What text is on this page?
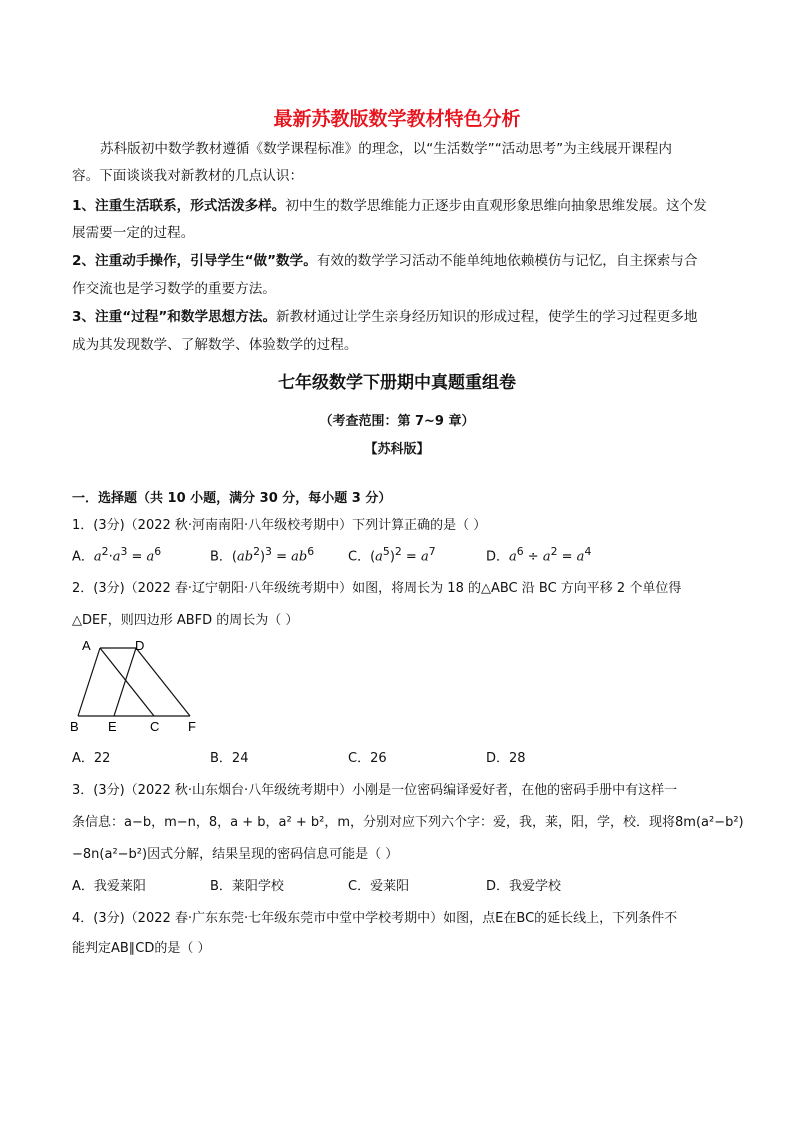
最新苏教版数学教材特色分析
苏科版初中数学教材遵循《数学课程标准》的理念，以“生活数学”“活动思考”为主线展开课程内
容。下面谈谈我对新教材的几点认识：
1、注重生活联系，形式活泼多样。初中生的数学思维能力正逐步由直观形象思维向抽象思维发展。这个发
展需要一定的过程。
2、注重动手操作，引导学生“做”数学。有效的数学学习活动不能单纯地依赖模仿与记忆，自主探索与合
作交流也是学习数学的重要方法。
3、注重“过程”和数学思想方法。新教材通过让学生亲身经历知识的形成过程，使学生的学习过程更多地
成为其发现数学、了解数学、体验数学的过程。
七年级数学下册期中真题重组卷
（考查范围：第 7~9 章）
【苏科版】
一．选择题（共 10 小题，满分 30 分，每小题 3 分）
1．(3分)（2022 秋·河南南阳·八年级校考期中）下列计算正确的是（ ）
A．$a^2\cdot a^3 = a^6$	B．$(ab^2)^3 = ab^6$	C．$(a^5)^2 = a^7$	D．$a^6 \div a^2 = a^4$
2．(3分)（2022 春·辽宁朝阳·八年级统考期中）如图，将周长为 18 的△ABC 沿 BC 方向平移 2 个单位得
△DEF，则四边形 ABFD 的周长为（ ）
A	D
B E	C F
A．22	B．24	C．26	D．28
3．(3分)（2022 秋·山东烟台·八年级统考期中）小刚是一位密码编译爱好者，在他的密码手册中有这样一
条信息：a−b，m−n，8，a + b，a² + b²，m，分别对应下列六个字：爱，我，莱，阳，学，校．现将8m(a²−b²)
−8n(a²−b²)因式分解，结果呈现的密码信息可能是（ ）
A．我爱莱阳	B．莱阳学校	C．爱莱阳	D．我爱学校
4．(3分)（2022 春·广东东莞·七年级东莞市中堂中学校考期中）如图，点E在BC的延长线上，下列条件不
能判定AB∥CD的是（ ）
